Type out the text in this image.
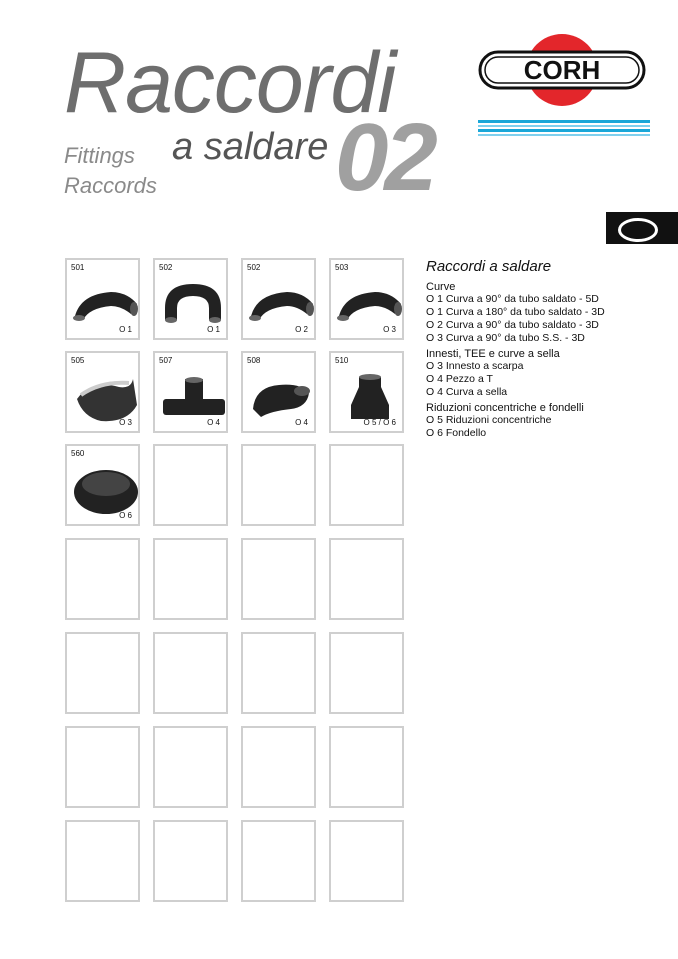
Raccordi
a saldare 02
Fittings
Raccords
CORH
501
O 1
502
O 1
502
O 2
503
O 3
505
O 3
507
O 4
508
O 4
510
O 5 / O 6
560
O 6
Raccordi a saldare
Curve
O 1 Curva a 90° da tubo saldato - 5D
O 1 Curva a 180° da tubo saldato - 3D
O 2 Curva a 90° da tubo saldato - 3D
O 3 Curva a 90° da tubo S.S. - 3D
Innesti, TEE e curve a sella
O 3 Innesto a scarpa
O 4 Pezzo a T
O 4 Curva a sella
Riduzioni concentriche e fondelli
O 5 Riduzioni concentriche
O 6 Fondello
